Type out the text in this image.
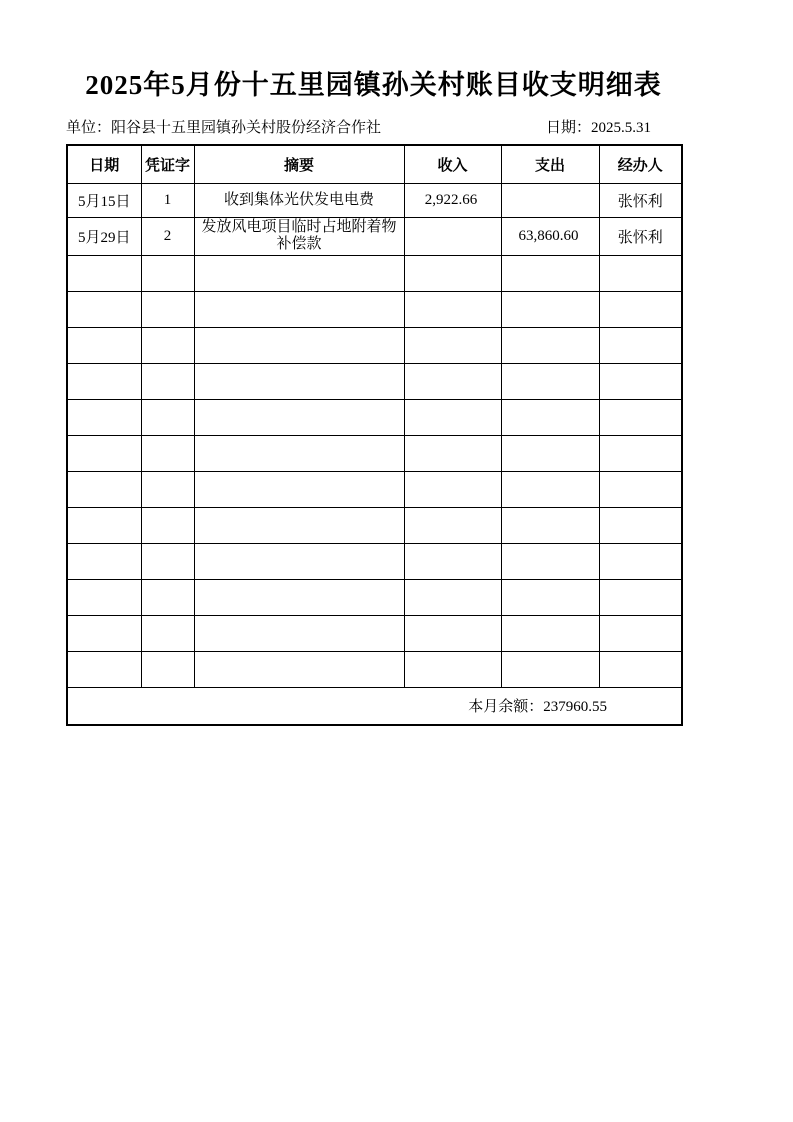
2025年5月份十五里园镇孙关村账目收支明细表
单位：阳谷县十五里园镇孙关村股份经济合作社	日期：2025.5.31
日期	凭证字	摘要	收入	支出	经办人
5月15日	1	收到集体光伏发电电费	2,922.66		张怀利
5月29日	2	发放风电项目临时占地附着物补偿款		63,860.60	张怀利

本月余额：237960.55					
